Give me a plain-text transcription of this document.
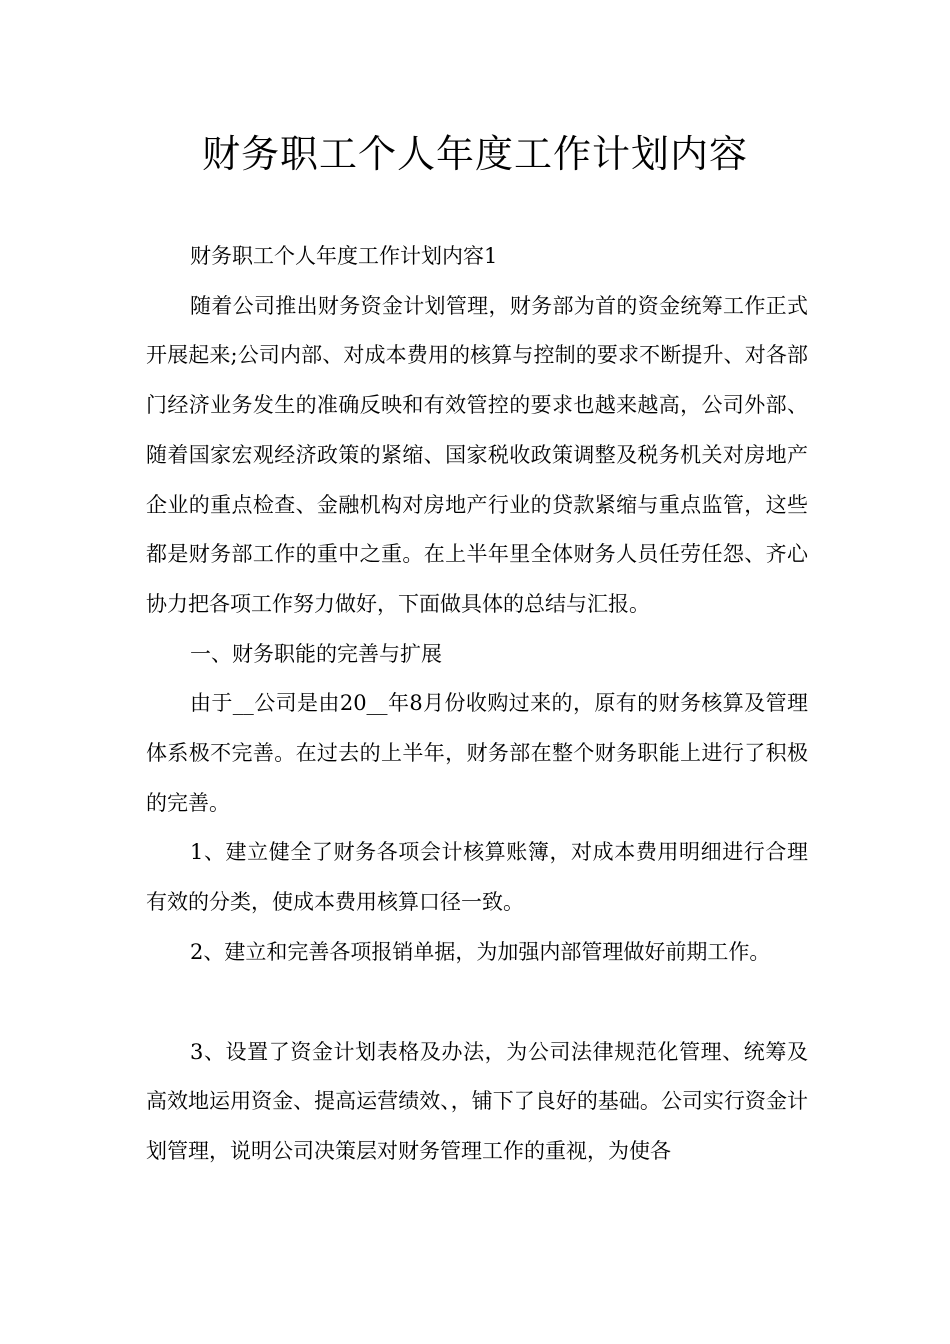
财务职工个人年度工作计划内容

财务职工个人年度工作计划内容1

随着公司推出财务资金计划管理，财务部为首的资金统筹工作正式开展起来;公司内部、对成本费用的核算与控制的要求不断提升、对各部门经济业务发生的准确反映和有效管控的要求也越来越高，公司外部、随着国家宏观经济政策的紧缩、国家税收政策调整及税务机关对房地产企业的重点检查、金融机构对房地产行业的贷款紧缩与重点监管，这些都是财务部工作的重中之重。在上半年里全体财务人员任劳任怨、齐心协力把各项工作努力做好，下面做具体的总结与汇报。

一、财务职能的完善与扩展

由于__公司是由20__年8月份收购过来的，原有的财务核算及管理体系极不完善。在过去的上半年，财务部在整个财务职能上进行了积极的完善。

1、建立健全了财务各项会计核算账簿，对成本费用明细进行合理有效的分类，使成本费用核算口径一致。

2、建立和完善各项报销单据，为加强内部管理做好前期工作。

3、设置了资金计划表格及办法，为公司法律规范化管理、统筹及高效地运用资金、提高运营绩效、，铺下了良好的基础。公司实行资金计划管理，说明公司决策层对财务管理工作的重视，为使各
